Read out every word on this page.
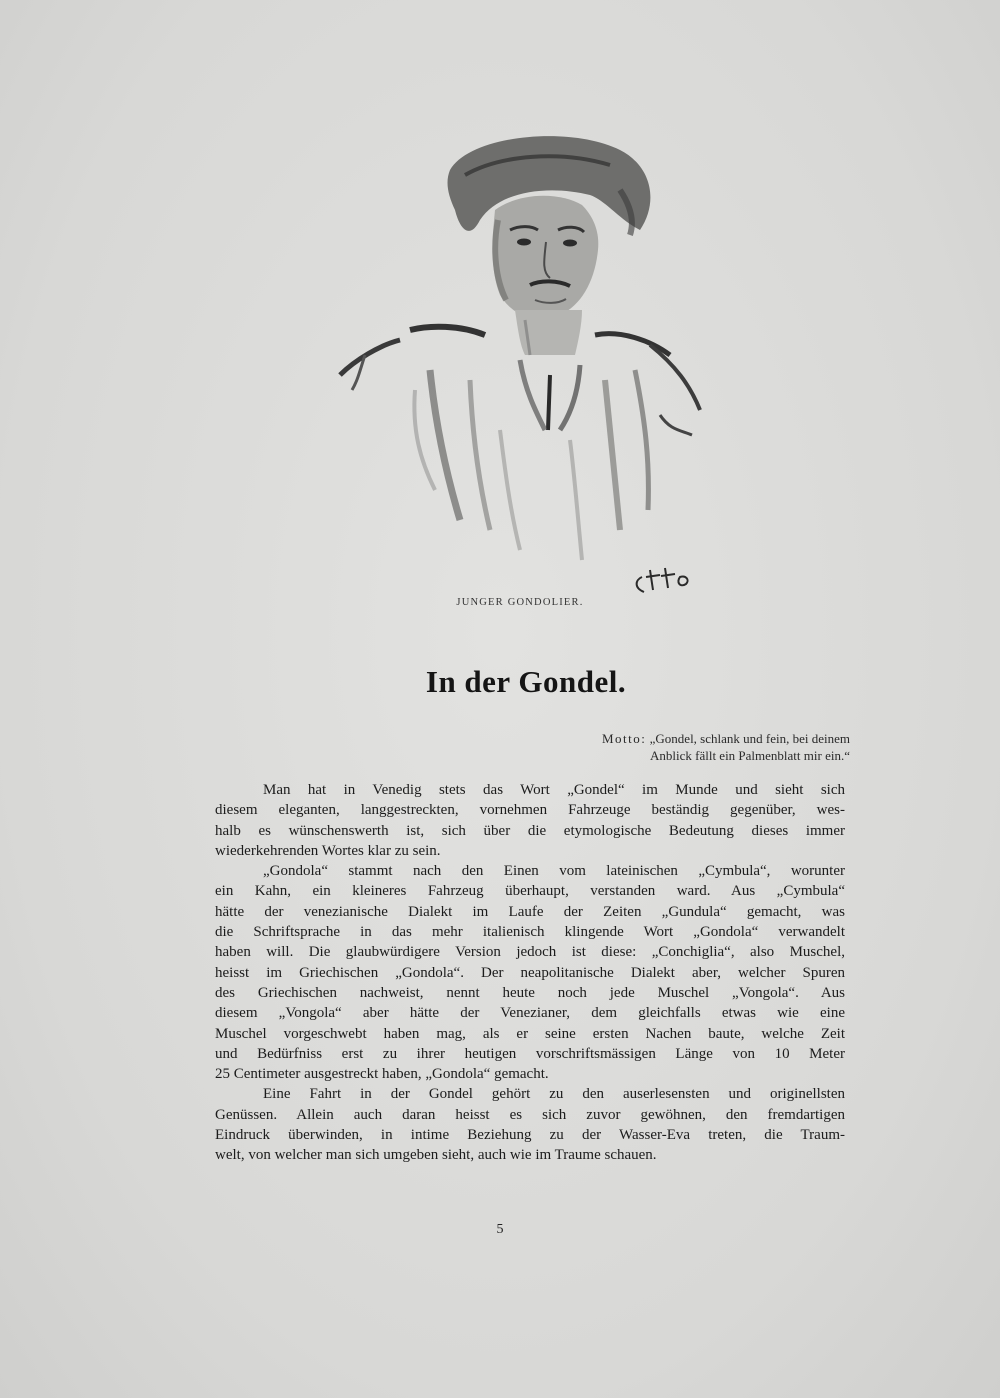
JUNGER GONDOLIER.
In der Gondel.
Motto: „Gondel, schlank und fein, bei deinem
Anblick fällt ein Palmenblatt mir ein.“

Man hat in Venedig stets das Wort „Gondel“ im Munde und sieht sich
diesem eleganten, langgestreckten, vornehmen Fahrzeuge beständig gegenüber, wes-
halb es wünschenswerth ist, sich über die etymologische Bedeutung dieses immer
wiederkehrenden Wortes klar zu sein.

„Gondola“ stammt nach den Einen vom lateinischen „Cymbula“, worunter
ein Kahn, ein kleineres Fahrzeug überhaupt, verstanden ward. Aus „Cymbula“
hätte der venezianische Dialekt im Laufe der Zeiten „Gundula“ gemacht, was
die Schriftsprache in das mehr italienisch klingende Wort „Gondola“ verwandelt
haben will. Die glaubwürdigere Version jedoch ist diese: „Conchiglia“, also Muschel,
heisst im Griechischen „Gondola“. Der neapolitanische Dialekt aber, welcher Spuren
des Griechischen nachweist, nennt heute noch jede Muschel „Vongola“. Aus
diesem „Vongola“ aber hätte der Venezianer, dem gleichfalls etwas wie eine
Muschel vorgeschwebt haben mag, als er seine ersten Nachen baute, welche Zeit
und Bedürfniss erst zu ihrer heutigen vorschriftsmässigen Länge von 10 Meter
25 Centimeter ausgestreckt haben, „Gondola“ gemacht.

Eine Fahrt in der Gondel gehört zu den auserlesensten und originellsten
Genüssen. Allein auch daran heisst es sich zuvor gewöhnen, den fremdartigen
Eindruck überwinden, in intime Beziehung zu der Wasser-Eva treten, die Traum-
welt, von welcher man sich umgeben sieht, auch wie im Traume schauen.

5
